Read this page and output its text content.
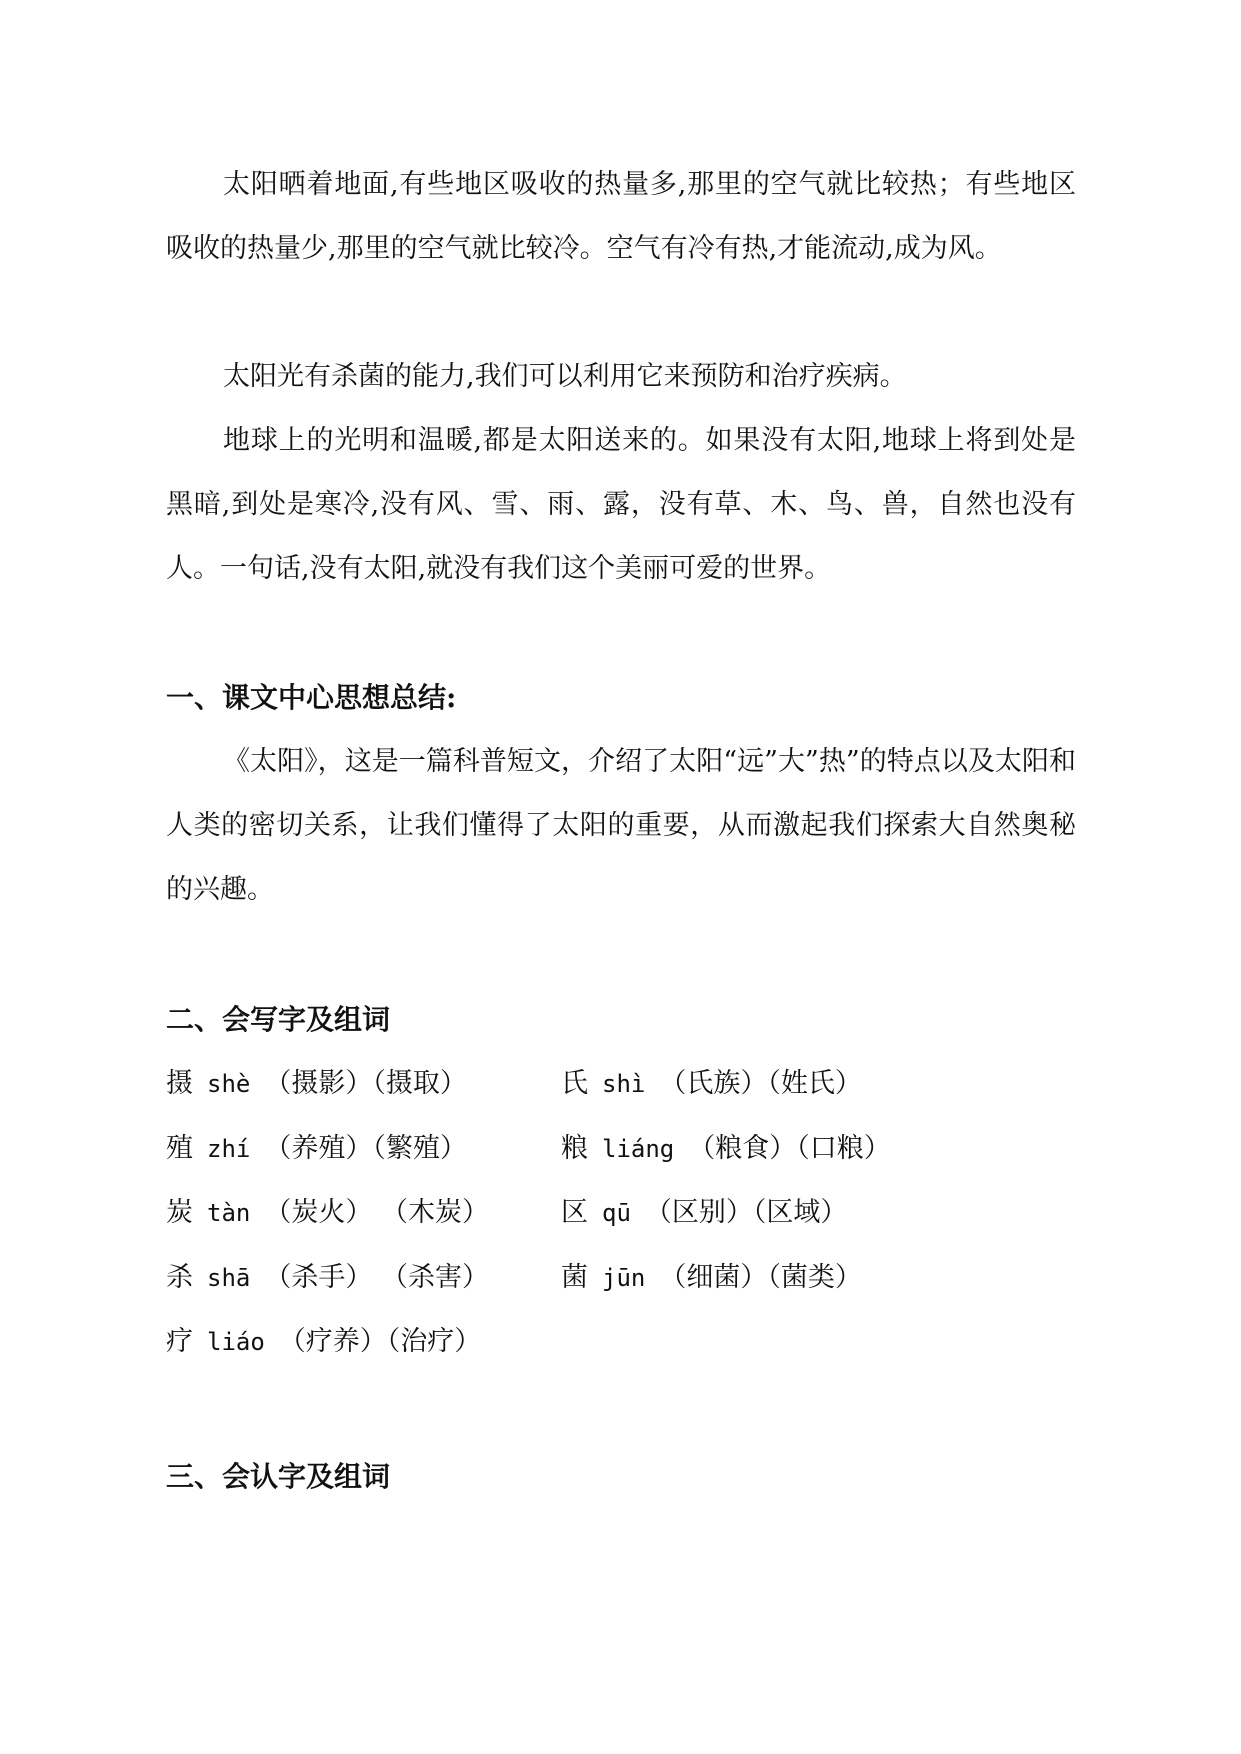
太阳晒着地面,有些地区吸收的热量多,那里的空气就比较热；有些地区吸收的热量少,那里的空气就比较冷。空气有冷有热,才能流动,成为风。

太阳光有杀菌的能力,我们可以利用它来预防和治疗疾病。

地球上的光明和温暖,都是太阳送来的。如果没有太阳,地球上将到处是黑暗,到处是寒冷,没有风、雪、雨、露，没有草、木、鸟、兽，自然也没有人。一句话,没有太阳,就没有我们这个美丽可爱的世界。

一、课文中心思想总结:

《太阳》，这是一篇科普短文，介绍了太阳“远”大”热”的特点以及太阳和人类的密切关系，让我们懂得了太阳的重要，从而激起我们探索大自然奥秘的兴趣。

二、会写字及组词
摄 shè （摄影）（摄取）	氏 shì （氏族）（姓氏）
殖 zhí （养殖）（繁殖）	粮 liáng （粮食）（口粮）
炭 tàn （炭火） （木炭）	区 qū （区别）（区域）
杀 shā （杀手） （杀害）	菌 jūn （细菌）（菌类）
疗 liáo （疗养）（治疗）
三、会认字及组词
